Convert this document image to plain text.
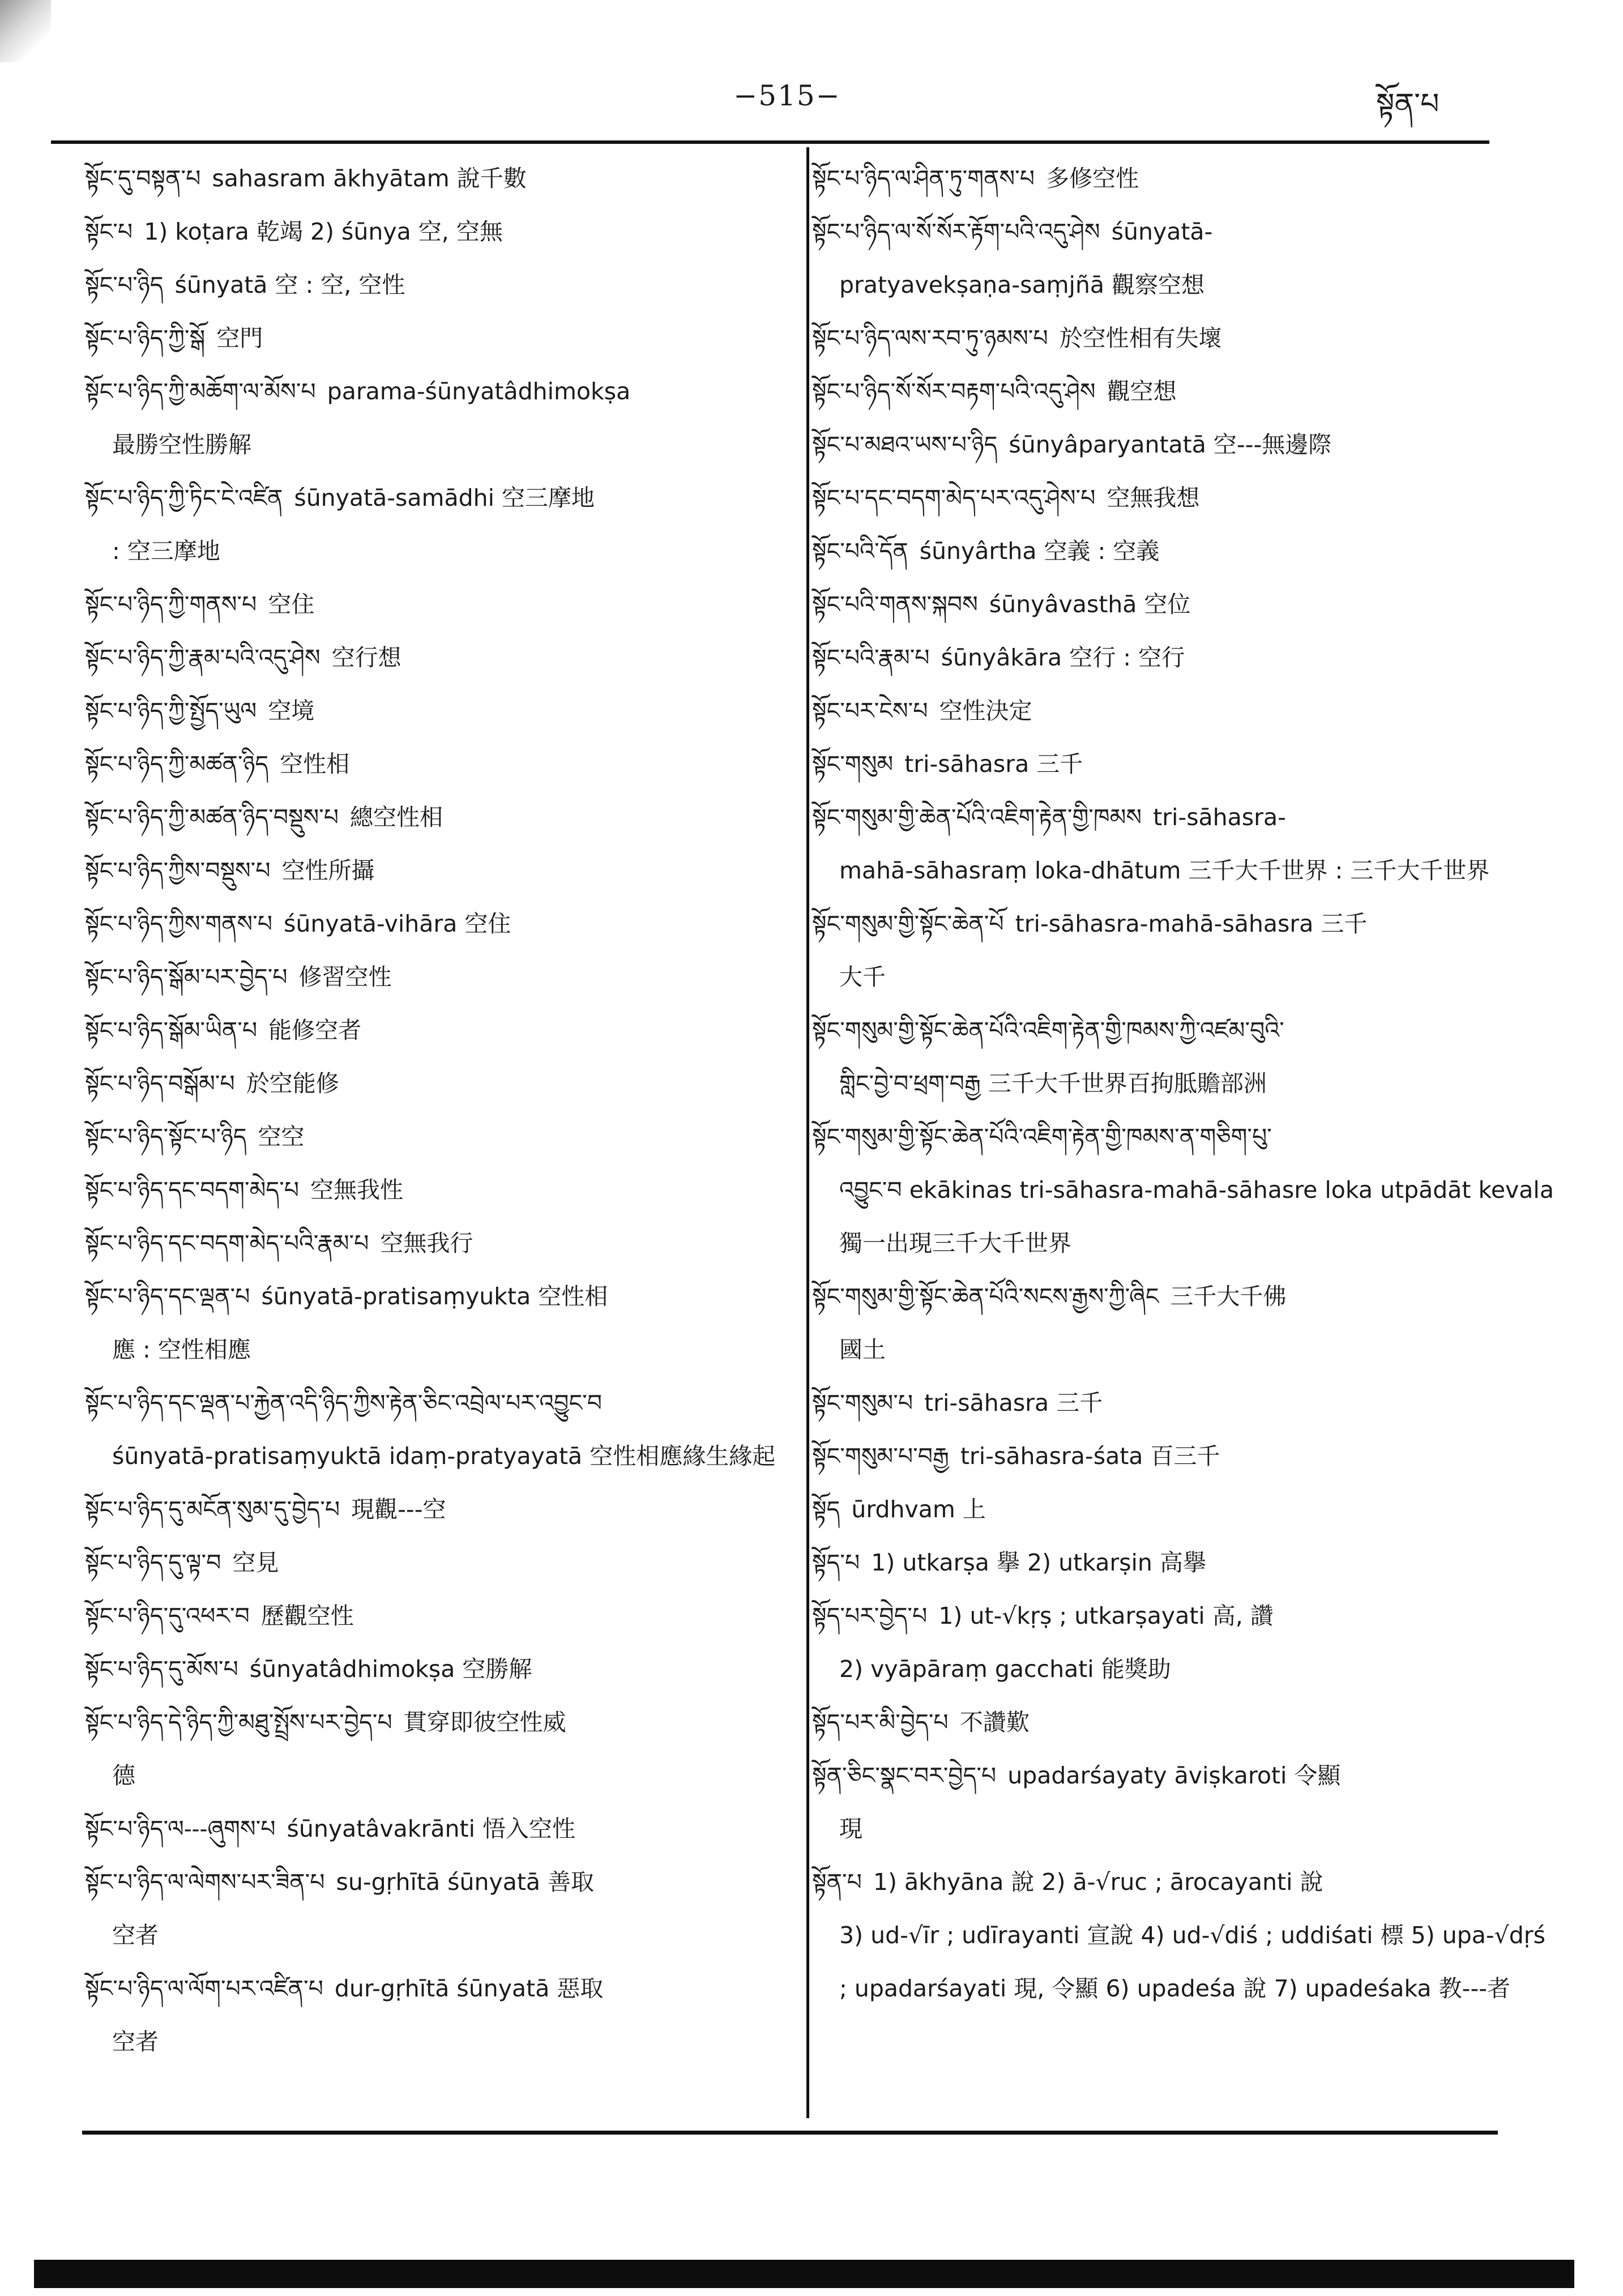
−515−	སྟོན་པ

སྟོང་དུ་བསྟན་པ sahasram ākhyātam 說千數

སྟོང་པ 1) koṭara 乾竭 2) śūnya 空, 空無

སྟོང་པ་ཉིད śūnyatā 空 : 空, 空性

སྟོང་པ་ཉིད་ཀྱི་སྒོ 空門

སྟོང་པ་ཉིད་ཀྱི་མཆོག་ལ་མོས་པ parama-śūnyatâdhimokṣa
最勝空性勝解

སྟོང་པ་ཉིད་ཀྱི་ཏིང་ངེ་འཛིན śūnyatā-samādhi 空三摩地
: 空三摩地

སྟོང་པ་ཉིད་ཀྱི་གནས་པ 空住

སྟོང་པ་ཉིད་ཀྱི་རྣམ་པའི་འདུ་ཤེས 空行想

སྟོང་པ་ཉིད་ཀྱི་སྤྱོད་ཡུལ 空境

སྟོང་པ་ཉིད་ཀྱི་མཚན་ཉིད 空性相

སྟོང་པ་ཉིད་ཀྱི་མཚན་ཉིད་བསྡུས་པ 總空性相

སྟོང་པ་ཉིད་ཀྱིས་བསྡུས་པ 空性所攝

སྟོང་པ་ཉིད་ཀྱིས་གནས་པ śūnyatā-vihāra 空住

སྟོང་པ་ཉིད་སྒོམ་པར་བྱེད་པ 修習空性

སྟོང་པ་ཉིད་སྒོམ་ཡིན་པ 能修空者

སྟོང་པ་ཉིད་བསྒོམ་པ 於空能修

སྟོང་པ་ཉིད་སྟོང་པ་ཉིད 空空

སྟོང་པ་ཉིད་དང་བདག་མེད་པ 空無我性

སྟོང་པ་ཉིད་དང་བདག་མེད་པའི་རྣམ་པ 空無我行

སྟོང་པ་ཉིད་དང་ལྡན་པ śūnyatā-pratisaṃyukta 空性相
應 : 空性相應

སྟོང་པ་ཉིད་དང་ལྡན་པ་རྐྱེན་འདི་ཉིད་ཀྱིས་རྟེན་ཅིང་འབྲེལ་པར་འབྱུང་བ
śūnyatā-pratisaṃyuktā idaṃ-pratyayatā 空性相應緣生緣起

སྟོང་པ་ཉིད་དུ་མངོན་སུམ་དུ་བྱེད་པ 現觀---空

སྟོང་པ་ཉིད་དུ་ལྟ་བ 空見

སྟོང་པ་ཉིད་དུ་འཕར་བ 歷觀空性

སྟོང་པ་ཉིད་དུ་མོས་པ śūnyatâdhimokṣa 空勝解

སྟོང་པ་ཉིད་དེ་ཉིད་ཀྱི་མཐུ་སྤྲོས་པར་བྱེད་པ 貫穿即彼空性威
德

སྟོང་པ་ཉིད་ལ---ཞུགས་པ śūnyatâvakrānti 悟入空性

སྟོང་པ་ཉིད་ལ་ལེགས་པར་ཟིན་པ su-gṛhītā śūnyatā 善取
空者

སྟོང་པ་ཉིད་ལ་ལོག་པར་འཛིན་པ dur-gṛhītā śūnyatā 惡取
空者

སྟོང་པ་ཉིད་ལ་ཤིན་ཏུ་གནས་པ 多修空性

སྟོང་པ་ཉིད་ལ་སོ་སོར་རྟོག་པའི་འདུ་ཤེས śūnyatā-
pratyavekṣaṇa-saṃjñā 觀察空想

སྟོང་པ་ཉིད་ལས་རབ་ཏུ་ཉམས་པ 於空性相有失壞

སྟོང་པ་ཉིད་སོ་སོར་བརྟག་པའི་འདུ་ཤེས 觀空想

སྟོང་པ་མཐའ་ཡས་པ་ཉིད śūnyâparyantatā 空---無邊際

སྟོང་པ་དང་བདག་མེད་པར་འདུ་ཤེས་པ 空無我想

སྟོང་པའི་དོན śūnyârtha 空義 : 空義

སྟོང་པའི་གནས་སྐབས śūnyâvasthā 空位

སྟོང་པའི་རྣམ་པ śūnyâkāra 空行 : 空行

སྟོང་པར་ངེས་པ 空性決定

སྟོང་གསུམ tri-sāhasra 三千

སྟོང་གསུམ་གྱི་ཆེན་པོའི་འཇིག་རྟེན་གྱི་ཁམས tri-sāhasra-
mahā-sāhasraṃ loka-dhātum 三千大千世界 : 三千大千世界

སྟོང་གསུམ་གྱི་སྟོང་ཆེན་པོ tri-sāhasra-mahā-sāhasra 三千
大千

སྟོང་གསུམ་གྱི་སྟོང་ཆེན་པོའི་འཇིག་རྟེན་གྱི་ཁམས་ཀྱི་འཛམ་བུའི་
གླིང་བྱེ་བ་ཕྲག་བརྒྱ 三千大千世界百拘胝贍部洲

སྟོང་གསུམ་གྱི་སྟོང་ཆེན་པོའི་འཇིག་རྟེན་གྱི་ཁམས་ན་གཅིག་པུ་
འབྱུང་བ ekākinas tri-sāhasra-mahā-sāhasre loka utpādāt kevala 獨一出現三千大千世界

སྟོང་གསུམ་གྱི་སྟོང་ཆེན་པོའི་སངས་རྒྱས་ཀྱི་ཞིང 三千大千佛
國土

སྟོང་གསུམ་པ tri-sāhasra 三千

སྟོང་གསུམ་པ་བརྒྱ tri-sāhasra-śata 百三千

སྟོད ūrdhvam 上

སྟོད་པ 1) utkarṣa 擧 2) utkarṣin 高擧

སྟོད་པར་བྱེད་པ 1) ut-√kṛṣ ; utkarṣayati 高, 讚
2) vyāpāraṃ gacchati 能獎助

སྟོད་པར་མི་བྱེད་པ 不讚歎

སྟོན་ཅིང་སྣང་བར་བྱེད་པ upadarśayaty āviṣkaroti 令顯
現

སྟོན་པ 1) ākhyāna 說 2) ā-√ruc ; ārocayanti 說
3) ud-√īr ; udīrayanti 宣說 4) ud-√diś ; uddiśati 標 5) upa-√dṛś ; upadarśayati 現, 令顯 6) upadeśa 說 7) upadeśaka 教---者
